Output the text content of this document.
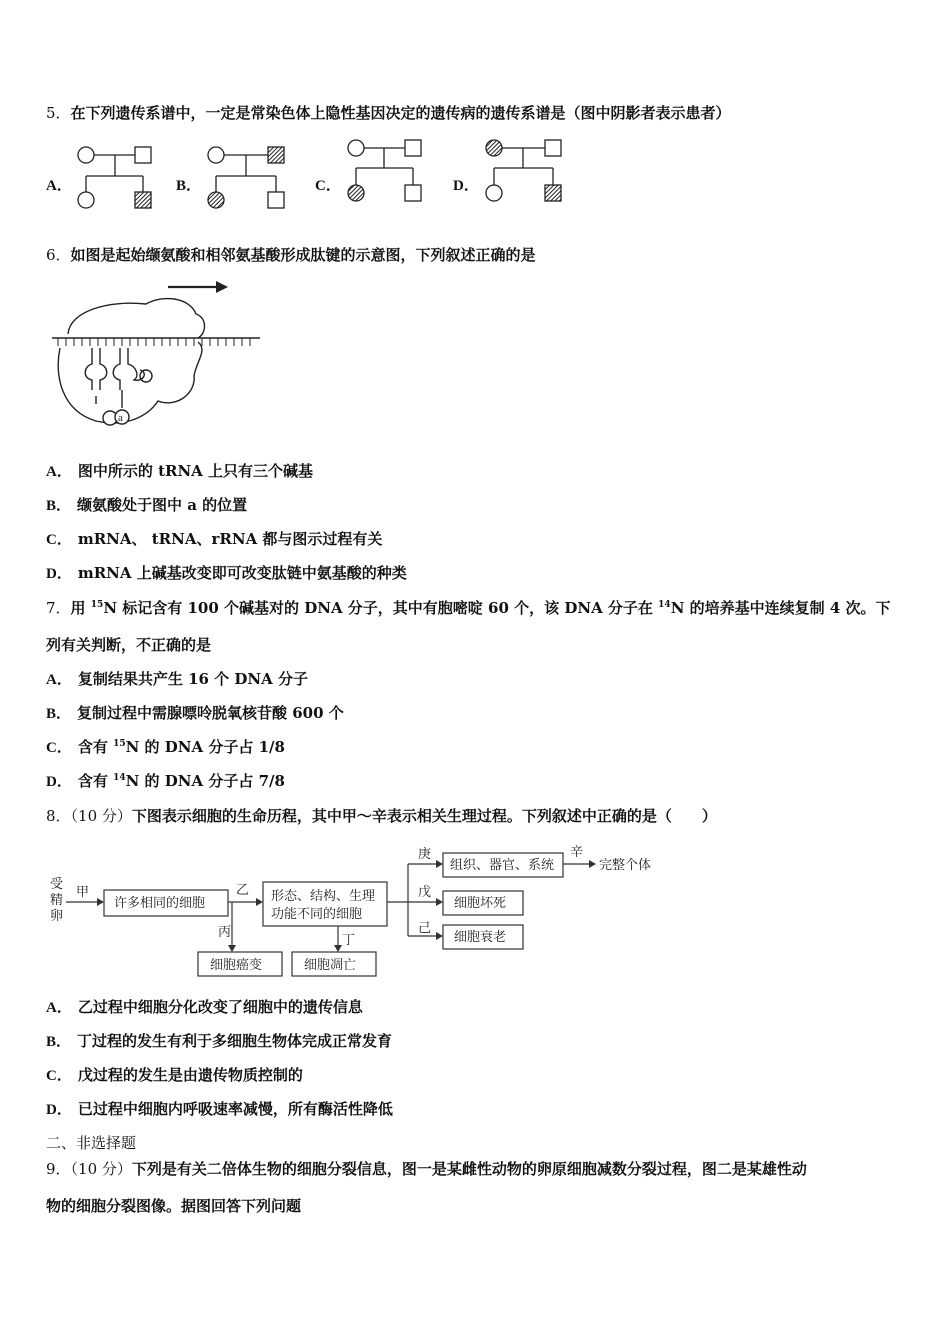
5．在下列遗传系谱中，一定是常染色体上隐性基因决定的遗传病的遗传系谱是（图中阴影者表示患者）
A．	B．	C．	D．
6．如图是起始缬氨酸和相邻氨基酸形成肽键的示意图，下列叙述正确的是
a
A． 图中所示的 tRNA 上只有三个碱基
B． 缬氨酸处于图中 a 的位置
C． mRNA、 tRNA、rRNA 都与图示过程有关
D． mRNA 上碱基改变即可改变肽链中氨基酸的种类
7．用 $^{15}$N 标记含有 100 个碱基对的 DNA 分子，其中有胞嘧啶 60 个，该 DNA 分子在 $^{14}$N 的培养基中连续复制 4 次。下
列有关判断，不正确的是
A． 复制结果共产生 16 个 DNA 分子
B． 复制过程中需腺嘌呤脱氧核苷酸 600 个
C． 含有 $^{15}$N 的 DNA 分子占 1/8
D． 含有 $^{14}$N 的 DNA 分子占 7/8
8．（10 分）下图表示细胞的生命历程，其中甲～辛表示相关生理过程。下列叙述中正确的是（　　）
受
精
卵
甲	乙
丙
丁
庚
戊
己
辛
许多相同的细胞	形态、结构、生理
功能不同的细胞
组织、器官、系统	完整个体
细胞坏死
细胞衰老
细胞癌变	细胞凋亡
A． 乙过程中细胞分化改变了细胞中的遗传信息
B． 丁过程的发生有利于多细胞生物体完成正常发育
C． 戊过程的发生是由遗传物质控制的
D． 已过程中细胞内呼吸速率减慢，所有酶活性降低
二、非选择题
9．（10 分）下列是有关二倍体生物的细胞分裂信息，图一是某雌性动物的卵原细胞减数分裂过程，图二是某雄性动
物的细胞分裂图像。据图回答下列问题
